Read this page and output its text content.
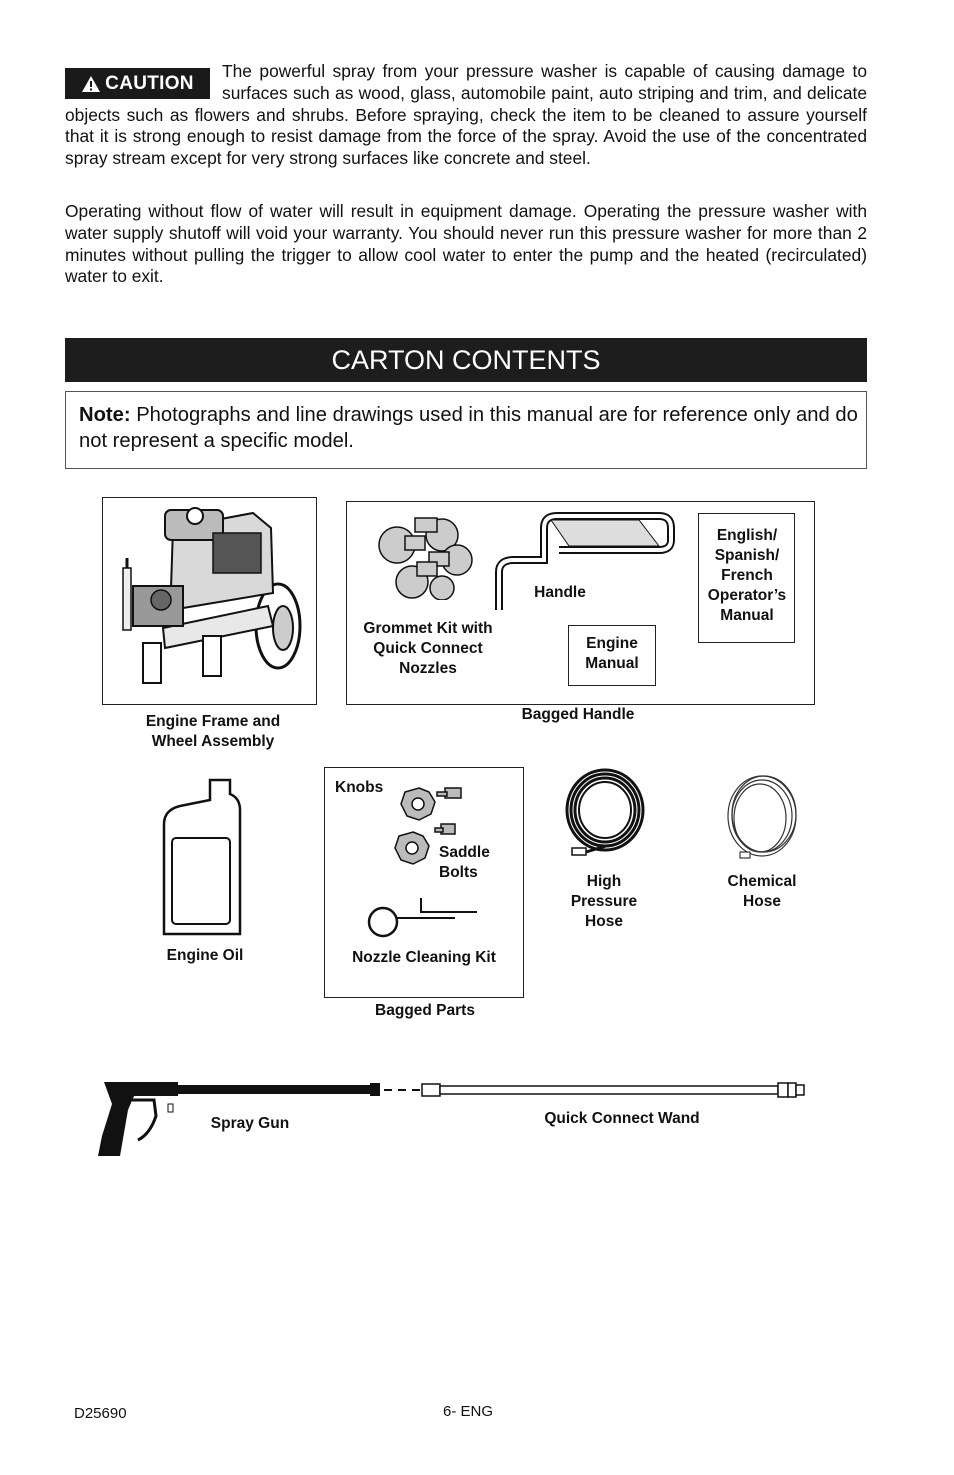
CAUTION

The powerful spray from your pressure washer is capable of causing damage to surfaces such as wood, glass, automobile paint, auto striping and trim, and delicate objects such as flowers and shrubs. Before spraying, check the item to be cleaned to assure yourself that it is strong enough to resist damage from the force of the spray. Avoid the use of the concentrated spray stream except for very strong surfaces like concrete and steel.

Operating without flow of water will result in equipment damage. Operating the pressure washer with water supply shutoff will void your warranty. You should never run this pressure washer for more than 2 minutes without pulling the trigger to allow cool water to enter the pump and the heated (recirculated) water to exit.

CARTON CONTENTS
Note: Photographs and line drawings used in this manual are for reference only and do not represent a specific model.
Engine Frame and Wheel Assembly
Handle
Grommet Kit with Quick Connect Nozzles
Engine Manual
English/ Spanish/ French Operator’s Manual
Bagged Handle
Engine Oil
Knobs
Saddle Bolts
Nozzle Cleaning Kit
Bagged Parts
High Pressure Hose
Chemical Hose
Spray Gun	Quick Connect Wand
D25690	6- ENG
